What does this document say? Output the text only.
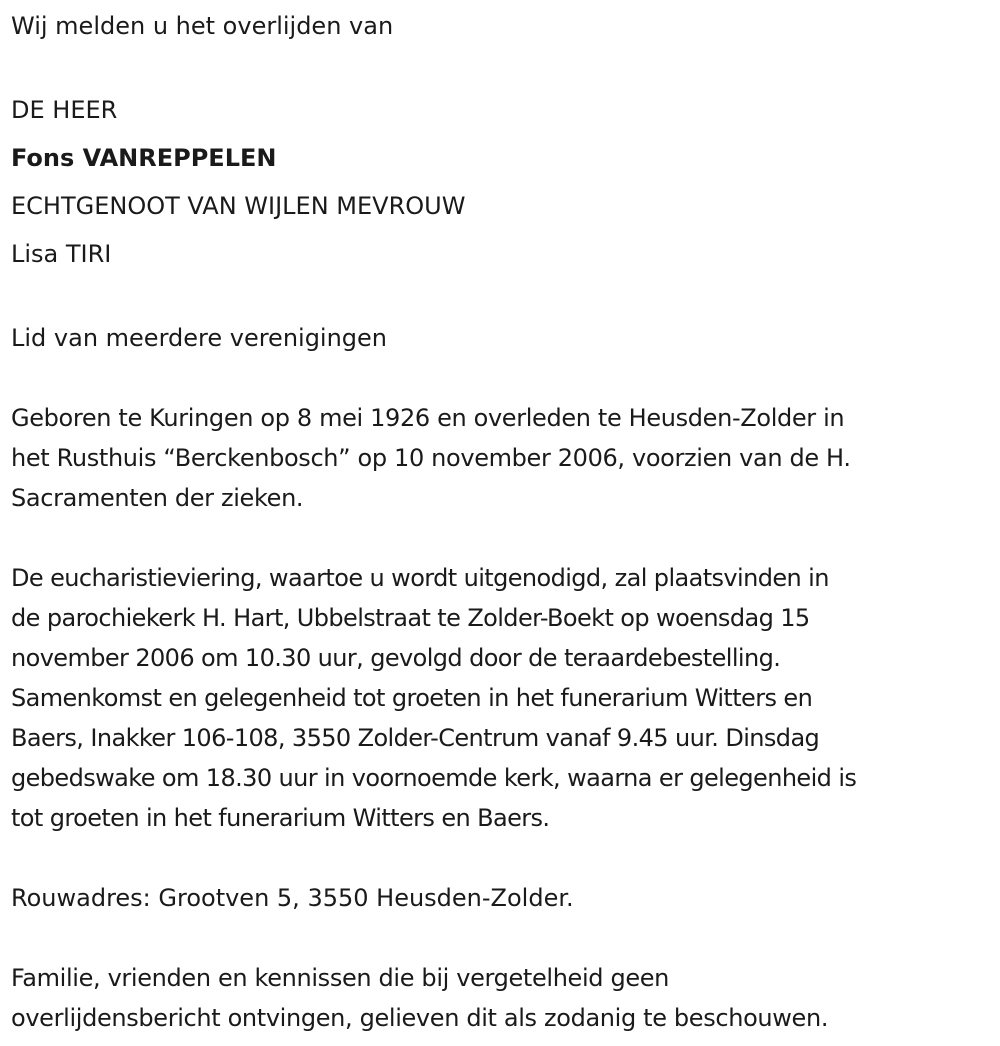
Wij melden u het overlijden van

DE HEER

Fons VANREPPELEN

ECHTGENOOT VAN WIJLEN MEVROUW

Lisa TIRI

Lid van meerdere verenigingen

Geboren te Kuringen op 8 mei 1926 en overleden te Heusden-Zolder in

het Rusthuis “Berckenbosch” op 10 november 2006, voorzien van de H.

Sacramenten der zieken.

De eucharistieviering, waartoe u wordt uitgenodigd, zal plaatsvinden in

de parochiekerk H. Hart, Ubbelstraat te Zolder-Boekt op woensdag 15

november 2006 om 10.30 uur, gevolgd door de teraardebestelling.

Samenkomst en gelegenheid tot groeten in het funerarium Witters en

Baers, Inakker 106-108, 3550 Zolder-Centrum vanaf 9.45 uur. Dinsdag

gebedswake om 18.30 uur in voornoemde kerk, waarna er gelegenheid is

tot groeten in het funerarium Witters en Baers.

Rouwadres: Grootven 5, 3550 Heusden-Zolder.

Familie, vrienden en kennissen die bij vergetelheid geen

overlijdensbericht ontvingen, gelieven dit als zodanig te beschouwen.
